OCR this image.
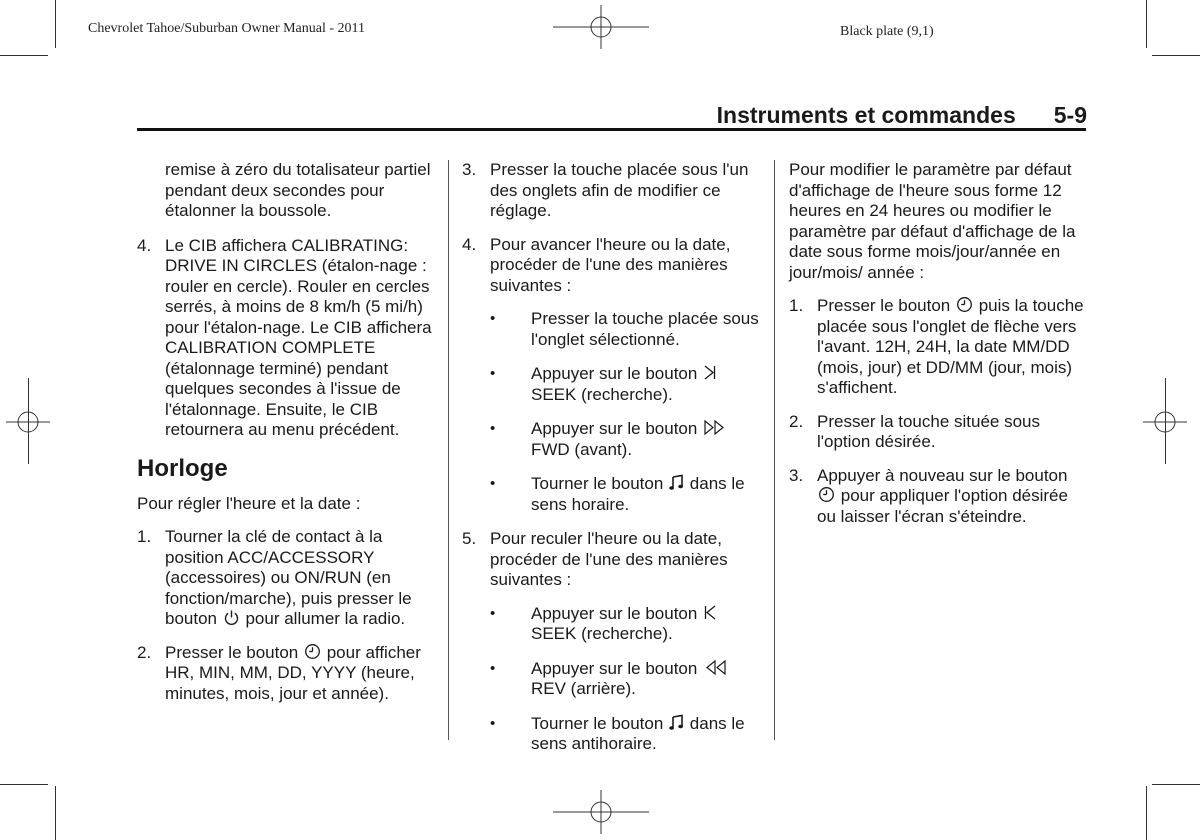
Chevrolet Tahoe/Suburban Owner Manual - 2011	Black plate (9,1)
Instruments et commandes 5-9
remise à zéro du totalisateur partiel pendant deux secondes pour étalonner la boussole.
4. Le CIB affichera CALIBRATING: DRIVE IN CIRCLES (étalon-nage : rouler en cercle). Rouler en cercles serrés, à moins de 8 km/h (5 mi/h) pour l'étalon-nage. Le CIB affichera CALIBRATION COMPLETE (étalonnage terminé) pendant quelques secondes à l'issue de l'étalonnage. Ensuite, le CIB retournera au menu précédent.
Horloge
Pour régler l'heure et la date :
1. Tourner la clé de contact à la position ACC/ACCESSORY (accessoires) ou ON/RUN (en fonction/marche), puis presser le bouton pour allumer la radio.
2. Presser le bouton pour afficher HR, MIN, MM, DD, YYYY (heure, minutes, mois, jour et année).
3. Presser la touche placée sous l'un des onglets afin de modifier ce réglage.
4. Pour avancer l'heure ou la date, procéder de l'une des manières suivantes :
• Presser la touche placée sous l'onglet sélectionné.
• Appuyer sur le bouton

SEEK (recherche).
• Appuyer sur le bouton

FWD (avant).
• Tourner le bouton dans le sens horaire.
5. Pour reculer l'heure ou la date, procéder de l'une des manières suivantes :
• Appuyer sur le bouton

SEEK (recherche).
• Appuyer sur le bouton

REV (arrière).
• Tourner le bouton dans le sens antihoraire.
Pour modifier le paramètre par défaut d'affichage de l'heure sous forme 12 heures en 24 heures ou modifier le paramètre par défaut d'affichage de la date sous forme mois/jour/année en jour/mois/ année :
1. Presser le bouton puis la touche placée sous l'onglet de flèche vers l'avant. 12H, 24H, la date MM/DD (mois, jour) et DD/MM (jour, mois) s'affichent.
2. Presser la touche située sous l'option désirée.
3. Appuyer à nouveau sur le bouton
pour appliquer l'option désirée ou laisser l'écran s'éteindre.
